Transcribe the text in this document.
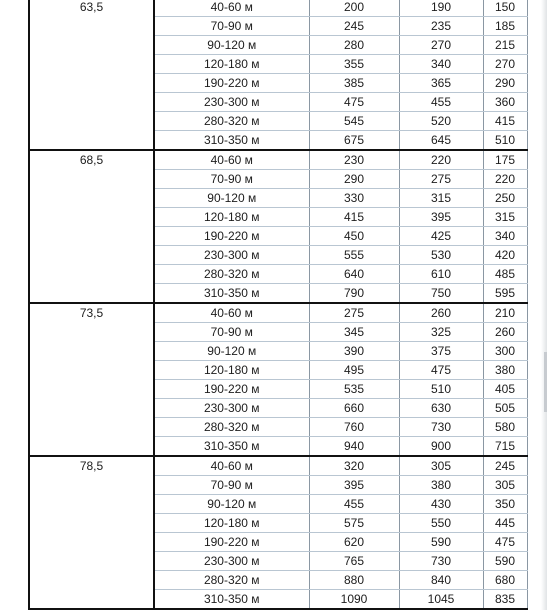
63,5	40-60 м	200	190	150
	70-90 м	245	235	185
	90-120 м	280	270	215
	120-180 м	355	340	270
	190-220 м	385	365	290
	230-300 м	475	455	360
	280-320 м	545	520	415
	310-350 м	675	645	510
68,5	40-60 м	230	220	175
	70-90 м	290	275	220
	90-120 м	330	315	250
	120-180 м	415	395	315
	190-220 м	450	425	340
	230-300 м	555	530	420
	280-320 м	640	610	485
	310-350 м	790	750	595
73,5	40-60 м	275	260	210
	70-90 м	345	325	260
	90-120 м	390	375	300
	120-180 м	495	475	380
	190-220 м	535	510	405
	230-300 м	660	630	505
	280-320 м	760	730	580
	310-350 м	940	900	715
78,5	40-60 м	320	305	245
	70-90 м	395	380	305
	90-120 м	455	430	350
	120-180 м	575	550	445
	190-220 м	620	590	475
	230-300 м	765	730	590
	280-320 м	880	840	680
	310-350 м	1090	1045	835
